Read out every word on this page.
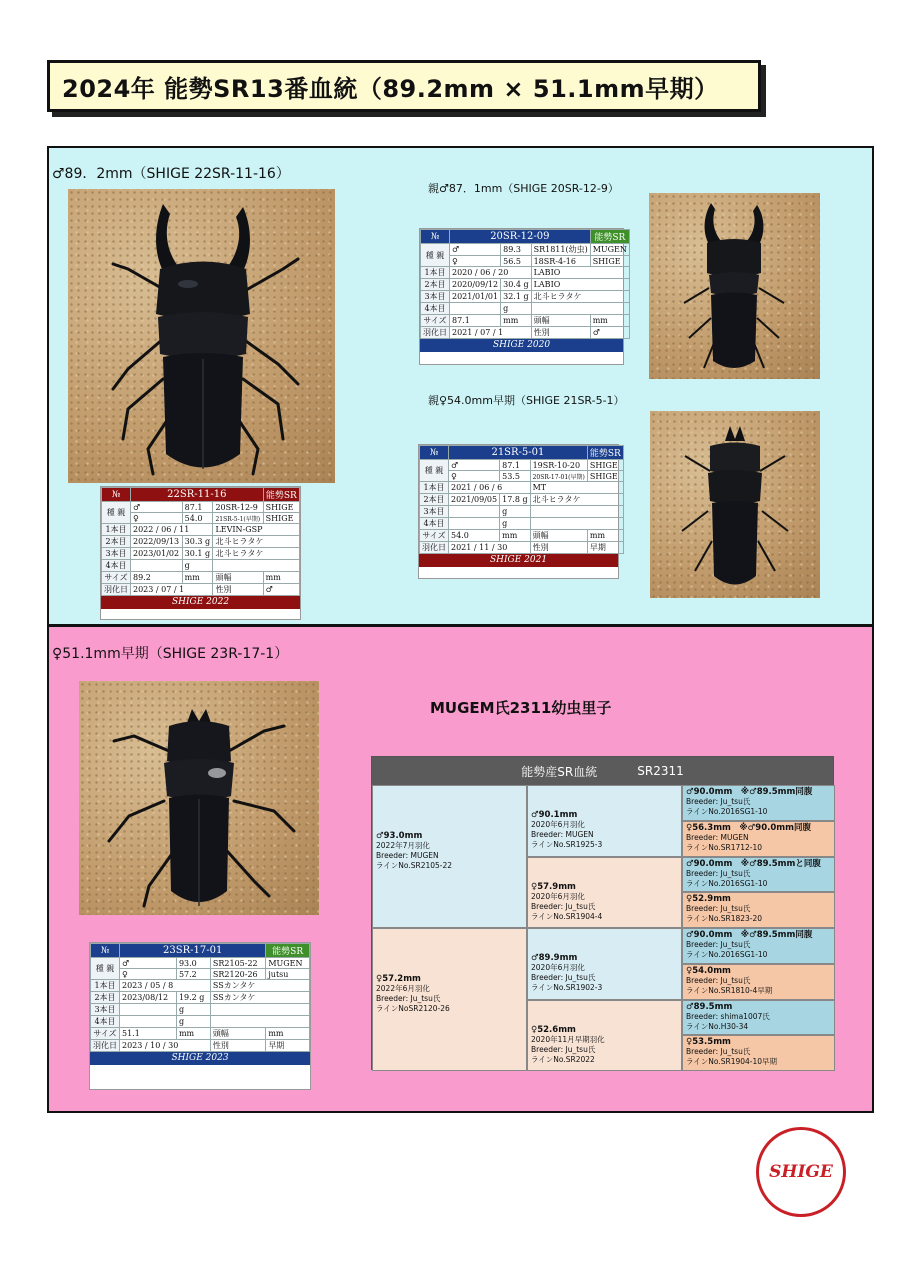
2024年 能勢SR13番血統（89.2mm × 51.1mm早期）
♂89．2mm（SHIGE 22SR-11-16）
親♂87．1mm（SHIGE 20SR-12-9）
親♀54.0mm早期（SHIGE 21SR-5-1）
№	20SR-12-09			能勢SR
種 親	♂	89.3	SR1811(幼虫)	MUGEN
	♀	56.5	18SR-4-16	SHIGE
1本目	2020 / 06 / 20		LABIO	
2本目	2020/09/12	30.4 g	LABIO	
3本目	2021/01/01	32.1 g	北斗ヒラタケ	
4本目		g		
サイズ	87.1	mm	頭幅	mm
羽化日	2021 / 07 / 1		性別	♂
SHIGE 2020
№	21SR-5-01			能勢SR
種 親	♂	87.1	19SR-10-20	SHIGE
	♀	53.5	20SR-17-01(早期)	SHIGE
1本目	2021 / 06 / 6		MT	
2本目	2021/09/05	17.8 g	北斗ヒラタケ	
3本目		g		
4本目		g		
サイズ	54.0	mm	頭幅	mm
羽化日	2021 / 11 / 30		性別	早期
SHIGE 2021
№	22SR-11-16			能勢SR
種 親	♂	87.1	20SR-12-9	SHIGE
	♀	54.0	21SR-5-1(早期)	SHIGE
1本目	2022 / 06 / 11		LEVIN-GSP	
2本目	2022/09/13	30.3 g	北斗ヒラタケ	
3本目	2023/01/02	30.1 g	北斗ヒラタケ	
4本目		g		
サイズ	89.2	mm	頭幅	mm
羽化日	2023 / 07 / 1		性別	♂
SHIGE 2022
♀51.1mm早期（SHIGE 23R-17-1）
MUGEM氏2311幼虫里子
能勢産SR血統	SR2311
♂93.0mm
2022年7月羽化
Breeder: MUGEN
ラインNo.SR2105-22
♀57.2mm
2022年6月羽化
Breeder: Ju_tsu氏
ラインNoSR2120-26
♂90.1mm
2020年6月羽化
Breeder: MUGEN
ラインNo.SR1925-3
♀57.9mm
2020年6月羽化
Breeder: Ju_tsu氏
ラインNo.SR1904-4
♂89.9mm
2020年6月羽化
Breeder: Ju_tsu氏
ラインNo.SR1902-3
♀52.6mm
2020年11月早期羽化
Breeder: Ju_tsu氏
ラインNo.SR2022
♂90.0mm　※♂89.5mm同腹
Breeder: Ju_tsu氏
ラインNo.2016SG1-10
♀56.3mm　※♂90.0mm同腹
Breeder: MUGEN
ラインNo.SR1712-10
♂90.0mm　※♂89.5mmと同腹
Breeder: Ju_tsu氏
ラインNo.2016SG1-10
♀52.9mm
Breeder: Ju_tsu氏
ラインNo.SR1823-20
♂90.0mm　※♂89.5mm同腹
Breeder: Ju_tsu氏
ラインNo.2016SG1-10
♀54.0mm
Breeder: Ju_tsu氏
ラインNo.SR1810-4早期
♂89.5mm
Breeder: shima1007氏
ラインNo.H30-34
♀53.5mm
Breeder: Ju_tsu氏
ラインNo.SR1904-10早期
№	23SR-17-01			能勢SR
種 親	♂	93.0	SR2105-22	MUGEN
	♀	57.2	SR2120-26	jutsu
1本目	2023 / 05 / 8		SSカンタケ	
2本目	2023/08/12	19.2 g	SSカンタケ	
3本目		g		
4本目		g		
サイズ	51.1	mm	頭幅	mm
羽化日	2023 / 10 / 30		性別	早期
SHIGE 2023
SHIGE
